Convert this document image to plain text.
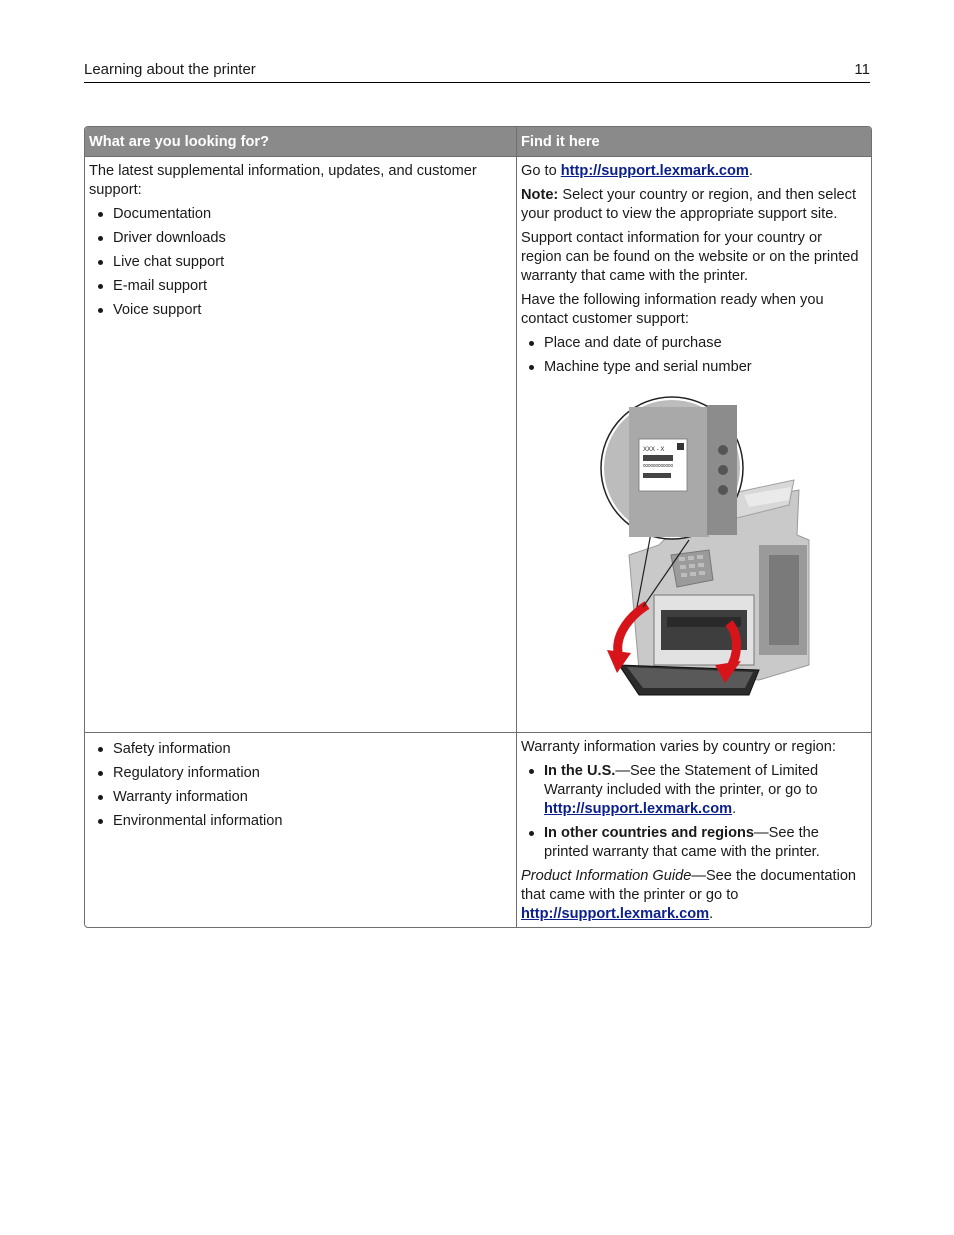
Learning about the printer	11
What are you looking for?	Find it here

The latest supplemental information, updates, and customer support:

Documentation
Driver downloads
Live chat support
E-mail support
Voice support

Go to http://support.lexmark.com.

Note: Select your country or region, and then select your product to view the appropriate support site.

Support contact information for your country or region can be found on the website or on the printed warranty that came with the printer.

Have the following information ready when you contact customer support:

Place and date of purchase
Machine type and serial number
XXX - X
000000000000
Safety information
Regulatory information
Warranty information
Environmental information

Warranty information varies by country or region:

In the U.S.—See the Statement of Limited Warranty included with the printer, or go to http://support.lexmark.com.
In other countries and regions—See the printed warranty that came with the printer.

Product Information Guide—See the documentation that came with the printer or go to http://support.lexmark.com.
